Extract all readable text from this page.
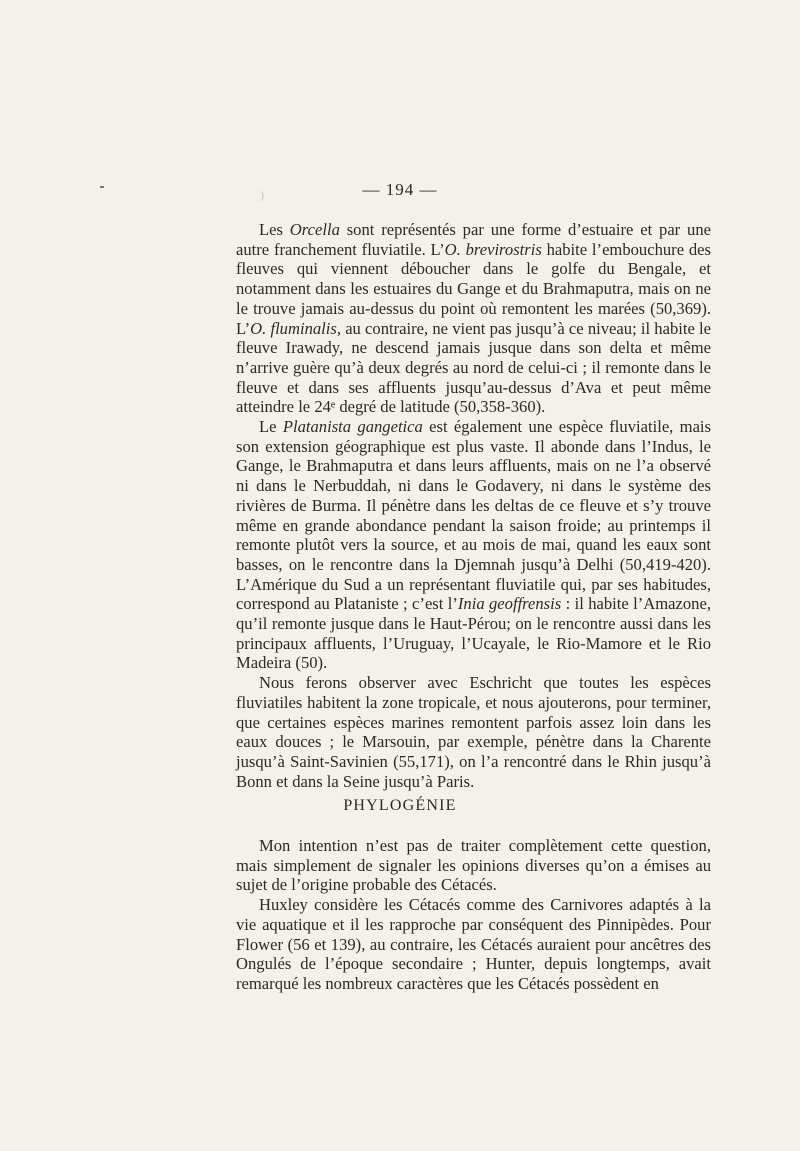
)	— 194 —

Les Orcella sont représentés par une forme d’estuaire et par une autre franchement fluviatile. L’O. brevirostris habite l’embouchure des fleuves qui viennent déboucher dans le golfe du Bengale, et notamment dans les estuaires du Gange et du Brahmaputra, mais on ne le trouve jamais au-dessus du point où remontent les marées (50,369). L’O. fluminalis, au contraire, ne vient pas jusqu’à ce niveau; il habite le fleuve Irawady, ne descend jamais jusque dans son delta et même n’arrive guère qu’à deux degrés au nord de celui-ci ; il remonte dans le fleuve et dans ses affluents jusqu’au-dessus d’Ava et peut même atteindre le 24ᵉ degré de latitude (50,358-360).

Le Platanista gangetica est également une espèce fluviatile, mais son extension géographique est plus vaste. Il abonde dans l’Indus, le Gange, le Brahmaputra et dans leurs affluents, mais on ne l’a observé ni dans le Nerbuddah, ni dans le Godavery, ni dans le système des rivières de Burma. Il pénètre dans les deltas de ce fleuve et s’y trouve même en grande abondance pendant la saison froide; au printemps il remonte plutôt vers la source, et au mois de mai, quand les eaux sont basses, on le rencontre dans la Djemnah jusqu’à Delhi (50,419-420). L’Amérique du Sud a un représentant fluviatile qui, par ses habitudes, correspond au Plataniste ; c’est l’Inia geoffrensis : il habite l’Amazone, qu’il remonte jusque dans le Haut-Pérou; on le rencontre aussi dans les principaux affluents, l’Uruguay, l’Ucayale, le Rio-Mamore et le Rio Madeira (50).

Nous ferons observer avec Eschricht que toutes les espèces fluviatiles habitent la zone tropicale, et nous ajouterons, pour terminer, que certaines espèces marines remontent parfois assez loin dans les eaux douces ; le Marsouin, par exemple, pénètre dans la Charente jusqu’à Saint-Savinien (55,171), on l’a rencontré dans le Rhin jusqu’à Bonn et dans la Seine jusqu’à Paris.

PHYLOGÉNIE

Mon intention n’est pas de traiter complètement cette question, mais simplement de signaler les opinions diverses qu’on a émises au sujet de l’origine probable des Cétacés.

Huxley considère les Cétacés comme des Carnivores adaptés à la vie aquatique et il les rapproche par conséquent des Pinnipèdes. Pour Flower (56 et 139), au contraire, les Cétacés auraient pour ancêtres des Ongulés de l’époque secondaire ; Hunter, depuis longtemps, avait remarqué les nombreux caractères que les Cétacés possèdent en
